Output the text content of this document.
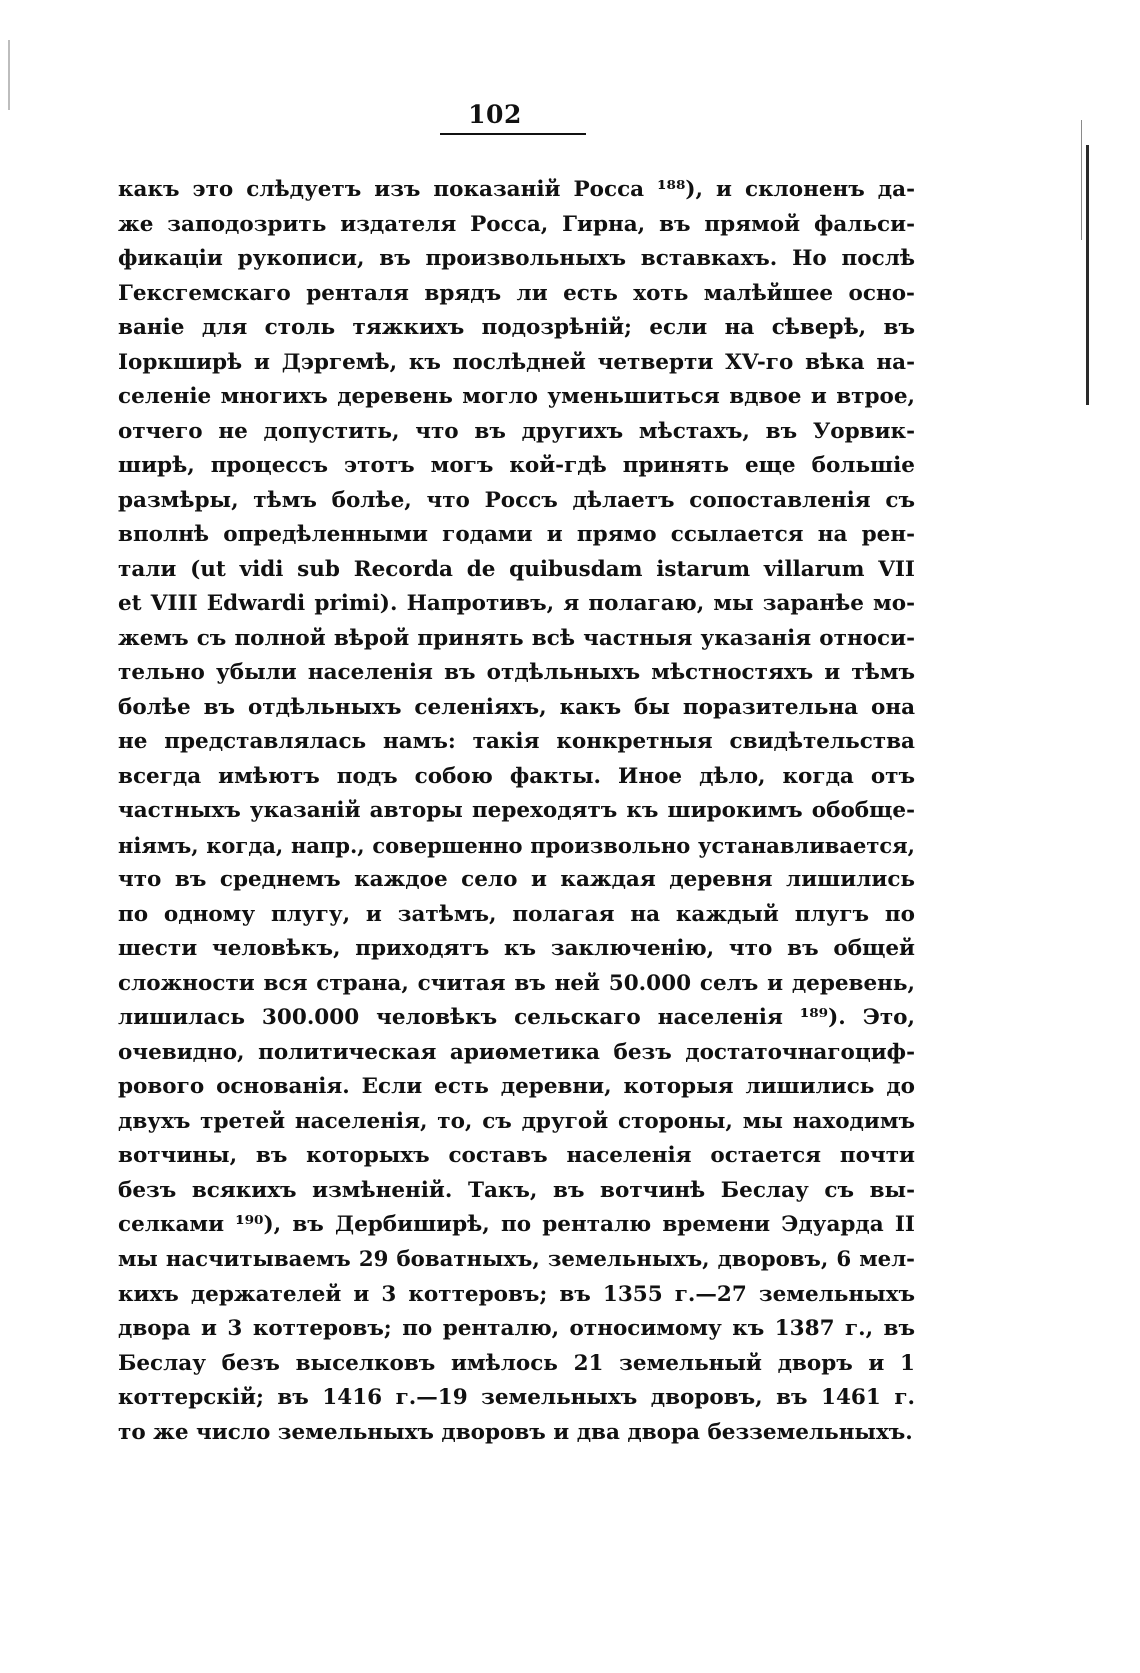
102
какъ это слѣдуетъ изъ показаній Росса ¹⁸⁸), и склоненъ да-
же заподозрить издателя Росса, Гирна, въ прямой фальси-
фикаціи рукописи, въ произвольныхъ вставкахъ. Но послѣ
Гексгемскаго ренталя врядъ ли есть хоть малѣйшее осно-
ваніе для столь тяжкихъ подозрѣній; если на сѣверѣ, въ
Іоркширѣ и Дэргемѣ, къ послѣдней четверти XV-го вѣка на-
селеніе многихъ деревень могло уменьшиться вдвое и втрое,
отчего не допустить, что въ другихъ мѣстахъ, въ Уорвик-
ширѣ, процессъ этотъ могъ кой-гдѣ принять еще большіе
размѣры, тѣмъ болѣе, что Россъ дѣлаетъ сопоставленія съ
вполнѣ опредѣленными годами и прямо ссылается на рен-
тали (ut vidi sub Recorda de quibusdam istarum villarum VII
et VIII Edwardi primi). Напротивъ, я полагаю, мы заранѣе мо-
жемъ съ полной вѣрой принять всѣ частныя указанія относи-
тельно убыли населенія въ отдѣльныхъ мѣстностяхъ и тѣмъ
болѣе въ отдѣльныхъ селеніяхъ, какъ бы поразительна она
не представлялась намъ: такія конкретныя свидѣтельства
всегда имѣютъ подъ собою факты. Иное дѣло, когда отъ
частныхъ указаній авторы переходятъ къ широкимъ обобще-
ніямъ, когда, напр., совершенно произвольно устанавливается,
что въ среднемъ каждое село и каждая деревня лишились
по одному плугу, и затѣмъ, полагая на каждый плугъ по
шести человѣкъ, приходятъ къ заключенію, что въ общей
сложности вся страна, считая въ ней 50.000 селъ и деревень,
лишилась 300.000 человѣкъ сельскаго населенія ¹⁸⁹). Это,
очевидно, политическая ариѳметика безъ достаточнагоциф-
рового основанія. Если есть деревни, которыя лишились до
двухъ третей населенія, то, съ другой стороны, мы находимъ
вотчины, въ которыхъ составъ населенія остается почти
безъ всякихъ измѣненій. Такъ, въ вотчинѣ Беслау съ вы-
селками ¹⁹⁰), въ Дербиширѣ, по ренталю времени Эдуарда II
мы насчитываемъ 29 боватныхъ, земельныхъ, дворовъ, 6 мел-
кихъ держателей и 3 коттеровъ; въ 1355 г.—27 земельныхъ
двора и 3 коттеровъ; по ренталю, относимому къ 1387 г., въ
Беслау безъ выселковъ имѣлось 21 земельный дворъ и 1
коттерскій; въ 1416 г.—19 земельныхъ дворовъ, въ 1461 г.
то же число земельныхъ дворовъ и два двора безземельныхъ.
